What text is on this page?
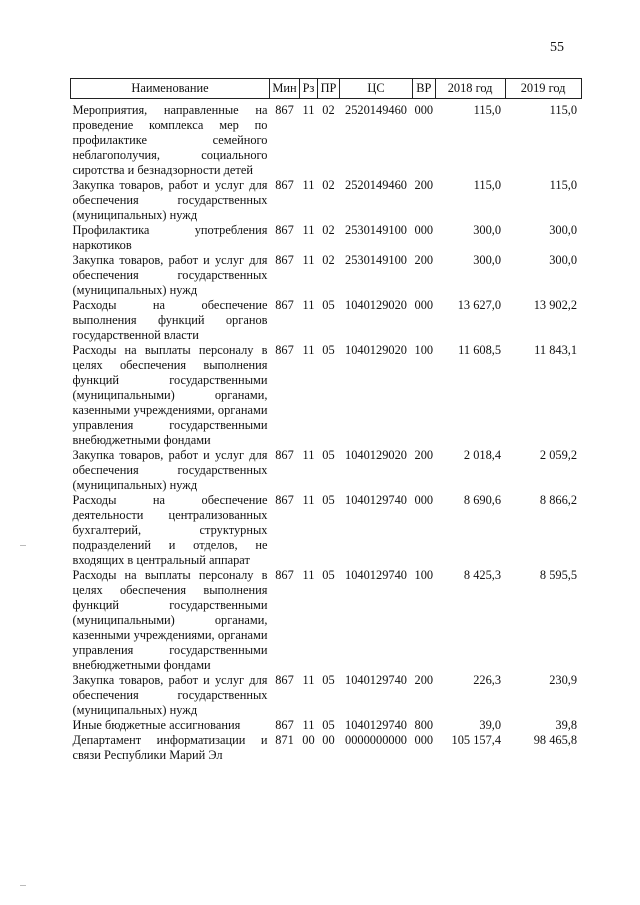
55
Наименование	Мин	Рз	ПР	ЦС	ВР	2018 год	2019 год

Мероприятия, направленные на проведение комплекса мер по профилактике семейного неблагополучия, социального сиротства и безнадзорности детей	867	11	02	2520149460	000	115,0	115,0
Закупка товаров, работ и услуг для обеспечения государственных (муниципальных) нужд	867	11	02	2520149460	200	115,0	115,0
Профилактика употребления наркотиков	867	11	02	2530149100	000	300,0	300,0
Закупка товаров, работ и услуг для обеспечения государственных (муниципальных) нужд	867	11	02	2530149100	200	300,0	300,0
Расходы на обеспечение выполнения функций органов государственной власти	867	11	05	1040129020	000	13 627,0	13 902,2
Расходы на выплаты персоналу в целях обеспечения выполнения функций государственными (муниципальными) органами, казенными учреждениями, органами управления государственными внебюджетными фондами	867	11	05	1040129020	100	11 608,5	11 843,1
Закупка товаров, работ и услуг для обеспечения государственных (муниципальных) нужд	867	11	05	1040129020	200	2 018,4	2 059,2
Расходы на обеспечение деятельности централизованных бухгалтерий, структурных подразделений и отделов, не входящих в центральный аппарат	867	11	05	1040129740	000	8 690,6	8 866,2
Расходы на выплаты персоналу в целях обеспечения выполнения функций государственными (муниципальными) органами, казенными учреждениями, органами управления государственными внебюджетными фондами	867	11	05	1040129740	100	8 425,3	8 595,5
Закупка товаров, работ и услуг для обеспечения государственных (муниципальных) нужд	867	11	05	1040129740	200	226,3	230,9
Иные бюджетные ассигнования	867	11	05	1040129740	800	39,0	39,8
Департамент информатизации и связи Республики Марий Эл	871	00	00	0000000000	000	105 157,4	98 465,8
